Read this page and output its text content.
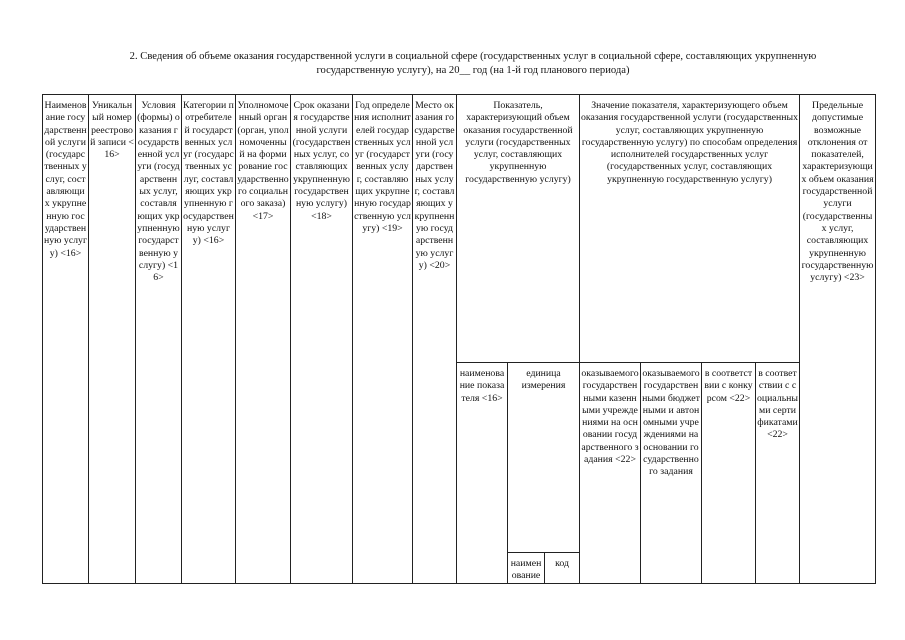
2. Сведения об объеме оказания государственной услуги в социальной сфере (государственных услуг в социальной сфере, составляющих укрупненную
государственную услугу), на 20__ год (на 1-й год планового периода)
Наименование государственной услуги (государственных услуг, составляющих укрупненную государственную услугу) <16>	Уникальный номер реестровой записи <16>	Условия (формы) оказания государственной услуги (государственных услуг, составляющих укрупненную государственную услугу) <16>	Категории потребителей государственных услуг (государственных услуг, составляющих укрупненную государственную услугу) <16>	Уполномоченный орган (орган, уполномоченный на формирование государственного социального заказа) <17>	Срок оказания государственной услуги (государственных услуг, составляющих укрупненную государственную услугу) <18>	Год определения исполнителей государственных услуг (государственных услуг, составляющих укрупненную государственную услугу) <19>	Место оказания государственной услуги (государственных услуг, составляющих укрупненную государственную услугу) <20>	Показатель, характеризующий объем оказания государственной услуги (государственных услуг, составляющих укрупненную государственную услугу)			Значение показателя, характеризующего объем оказания государственной услуги (государственных услуг, составляющих укрупненную государственную услугу) по способам определения исполнителей государственных услуг (государственных услуг, составляющих укрупненную государственную услугу)				Предельные допустимые возможные отклонения от показателей, характеризующих объем оказания государственной услуги (государственных услуг, составляющих укрупненную государственную услугу) <23>
								наименование показателя <16>	единица измерения		оказываемого государственными казенными учреждениями на основании государственного задания <22>	оказываемого государственными бюджетными и автономными учреждениями на основании государственного задания	в соответствии с конкурсом <22>	в соответствии с социальными сертификатами <22>	
									наименование	код					
